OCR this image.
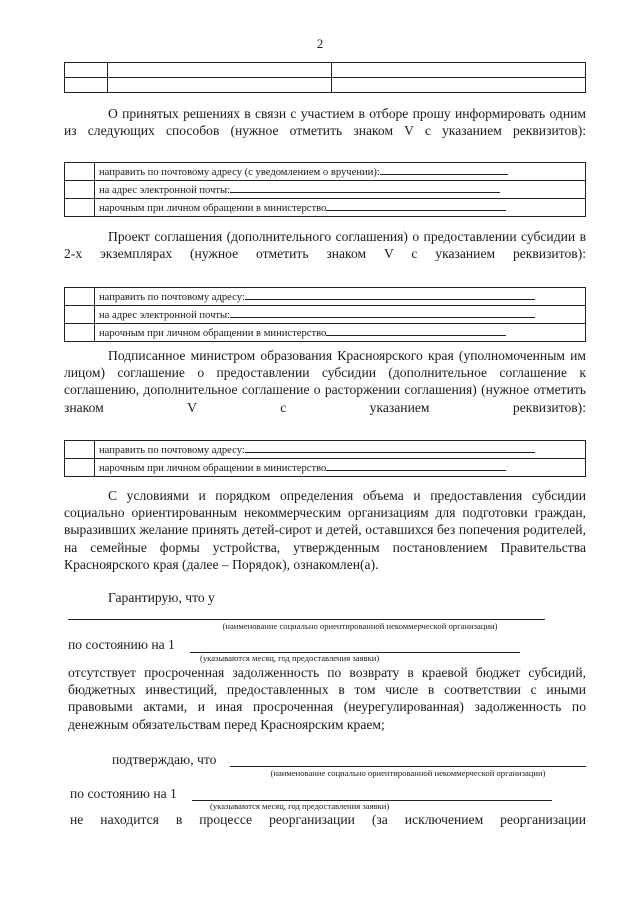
2

О принятых решениях в связи с участием в отборе прошу информировать одним из следующих способов (нужное отметить знаком V с указанием реквизитов):
	направить по почтовому адресу (с уведомлением о вручении):
	на адрес электронной почты:
	нарочным при личном обращении в министерство
Проект соглашения (дополнительного соглашения) о предоставлении субсидии в 2-х экземплярах (нужное отметить знаком V с указанием реквизитов):
	направить по почтовому адресу:
	на адрес электронной почты:
	нарочным при личном обращении в министерство
Подписанное министром образования Красноярского края (уполномоченным им лицом) соглашение о предоставлении субсидии (дополнительное соглашение к соглашению, дополнительное соглашение о расторжении соглашения) (нужное отметить знаком V с указанием реквизитов):
	направить по почтовому адресу:
	нарочным при личном обращении в министерство
С условиями и порядком определения объема и предоставления субсидии социально ориентированным некоммерческим организациям для подготовки граждан, выразивших желание принять детей-сирот и детей, оставшихся без попечения родителей, на семейные формы устройства, утвержденным постановлением Правительства Красноярского края (далее – Порядок), ознакомлен(а).
Гарантирую, что у
(наименование социально ориентированной некоммерческой организации)
по состоянию на 1
(указываются месяц, год предоставления заявки)
отсутствует просроченная задолженность по возврату в краевой бюджет субсидий, бюджетных инвестиций, предоставленных в том числе в соответствии с иными правовыми актами, и иная просроченная (неурегулированная) задолженность по денежным обязательствам перед Красноярским краем;
подтверждаю, что
(наименование социально ориентированной некоммерческой организации)
по состоянию на 1
(указываются месяц, год предоставления заявки)
не находится в процессе реорганизации (за исключением реорганизации
